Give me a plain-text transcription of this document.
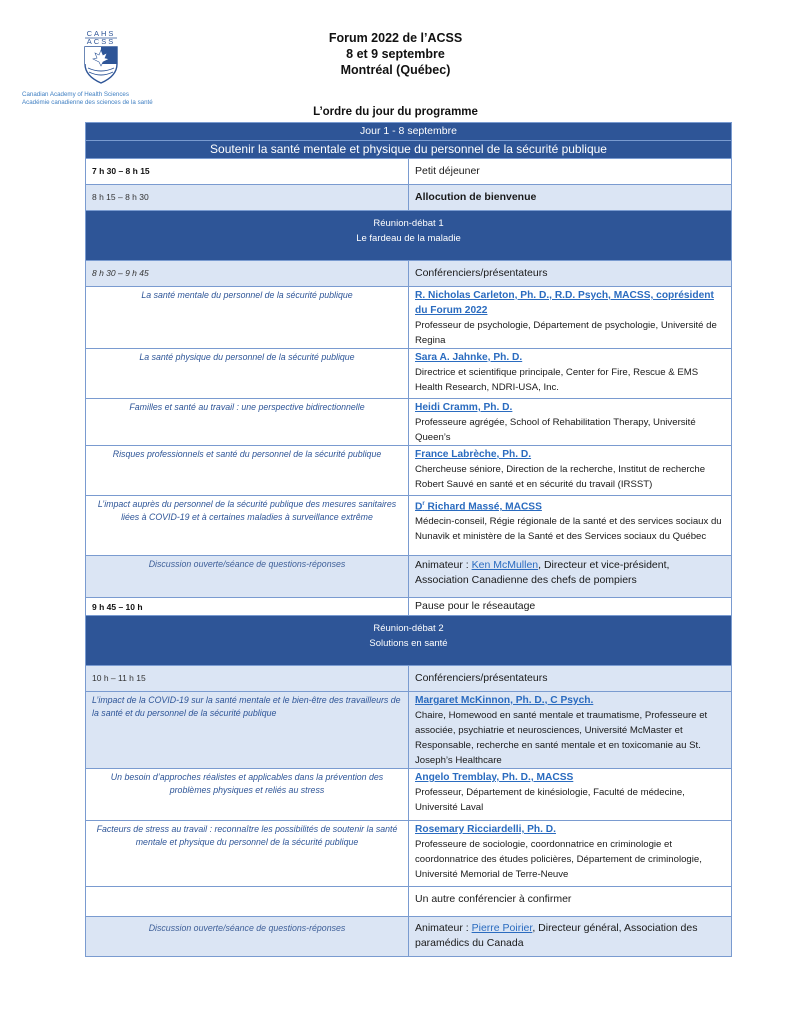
CAHS
ACSS
Canadian Academy of Health Sciences
Académie canadienne des sciences de la santé
Forum 2022 de l’ACSS
8 et 9 septembre
Montréal (Québec)
L’ordre du jour du programme
Jour 1 - 8 septembre	
Soutenir la santé mentale et physique du personnel de la sécurité publique	

7 h 30 – 8 h 15	Petit déjeuner

8 h 15 – 8 h 30	Allocution de bienvenue

Réunion-débat 1
Le fardeau de la maladie	

8 h 30 – 9 h 45	Conférenciers/présentateurs

La santé mentale du personnel de la sécurité publique	R. Nicholas Carleton, Ph. D., R.D. Psych, MACSS, coprésident du Forum 2022
Professeur de psychologie, Département de psychologie, Université de Regina

La santé physique du personnel de la sécurité publique	Sara A. Jahnke, Ph. D.
Directrice et scientifique principale, Center for Fire, Rescue & EMS Health Research, NDRI-USA, Inc.

Familles et santé au travail : une perspective bidirectionnelle	Heidi Cramm, Ph. D.
Professeure agrégée, School of Rehabilitation Therapy, Université Queen’s

Risques professionnels et santé du personnel de la sécurité publique	France Labrèche, Ph. D.
Chercheuse séniore, Direction de la recherche, Institut de recherche Robert Sauvé en santé et en sécurité du travail (IRSST)

L’impact auprès du personnel de la sécurité publique des mesures sanitaires liées à COVID-19 et à certaines maladies à surveillance extrême	$D^r$ Richard Massé, MACSS
Médecin-conseil, Régie régionale de la santé et des services sociaux du Nunavik et ministère de la Santé et des Services sociaux du Québec

Discussion ouverte/séance de questions-réponses	Animateur : Ken McMullen, Directeur et vice-président, Association Canadienne des chefs de pompiers

9 h 45 – 10 h	Pause pour le réseautage

Réunion-débat 2
Solutions en santé	

10 h – 11 h 15	Conférenciers/présentateurs

L’impact de la COVID-19 sur la santé mentale et le bien-être des travailleurs de la santé et du personnel de la sécurité publique	Margaret McKinnon, Ph. D., C Psych.
Chaire, Homewood en santé mentale et traumatisme, Professeure et associée, psychiatrie et neurosciences, Université McMaster et Responsable, recherche en santé mentale et en toxicomanie au St. Joseph’s Healthcare

Un besoin d’approches réalistes et applicables dans la prévention des problèmes physiques et reliés au stress	Angelo Tremblay, Ph. D., MACSS
Professeur, Département de kinésiologie, Faculté de médecine, Université Laval

Facteurs de stress au travail : reconnaître les possibilités de soutenir la santé mentale et physique du personnel de la sécurité publique	Rosemary Ricciardelli, Ph. D.
Professeure de sociologie, coordonnatrice en criminologie et coordonnatrice des études policières, Département de criminologie, Université Memorial de Terre-Neuve

	Un autre conférencier à confirmer

Discussion ouverte/séance de questions-réponses	Animateur : Pierre Poirier, Directeur général, Association des paramédics du Canada
